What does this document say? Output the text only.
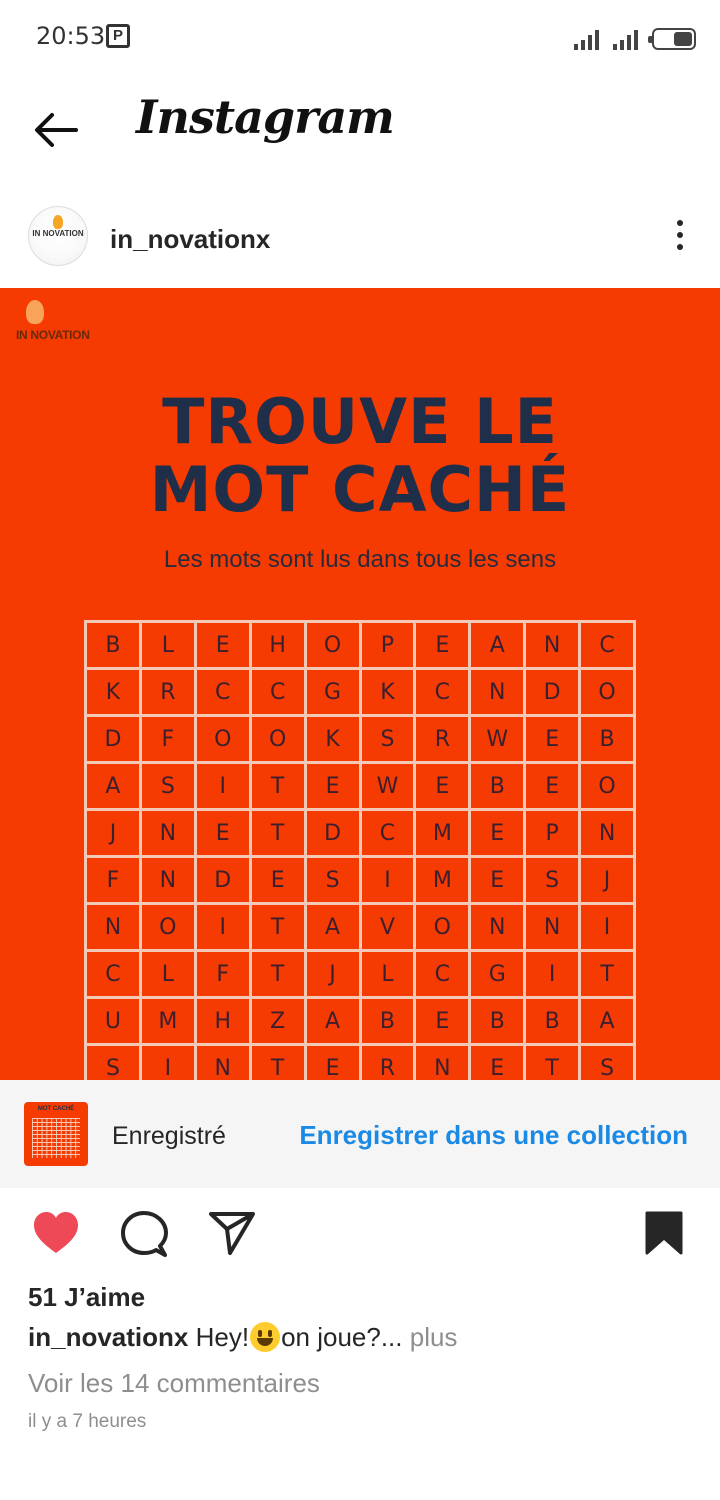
20:53 P
Instagram
IN NOVATION in_novationx
IN NOVATION
TROUVE LE
MOT CACHÉ
Les mots sont lus dans tous les sens
B	L	E	H	O	P	E	A	N	C
K	R	C	C	G	K	C	N	D	O
D	F	O	O	K	S	R	W	E	B
A	S	I	T	E	W	E	B	E	O
J	N	E	T	D	C	M	E	P	N
F	N	D	E	S	I	M	E	S	J
N	O	I	T	A	V	O	N	N	I
C	L	F	T	J	L	C	G	I	T
U	M	H	Z	A	B	E	B	B	A
S	I	N	T	E	R	N	E	T	S
MOT CACHÉ
Enregistré	Enregistrer dans une collection
51 J’aime
in_novationx Hey! on joue?... plus
Voir les 14 commentaires
il y a 7 heures
